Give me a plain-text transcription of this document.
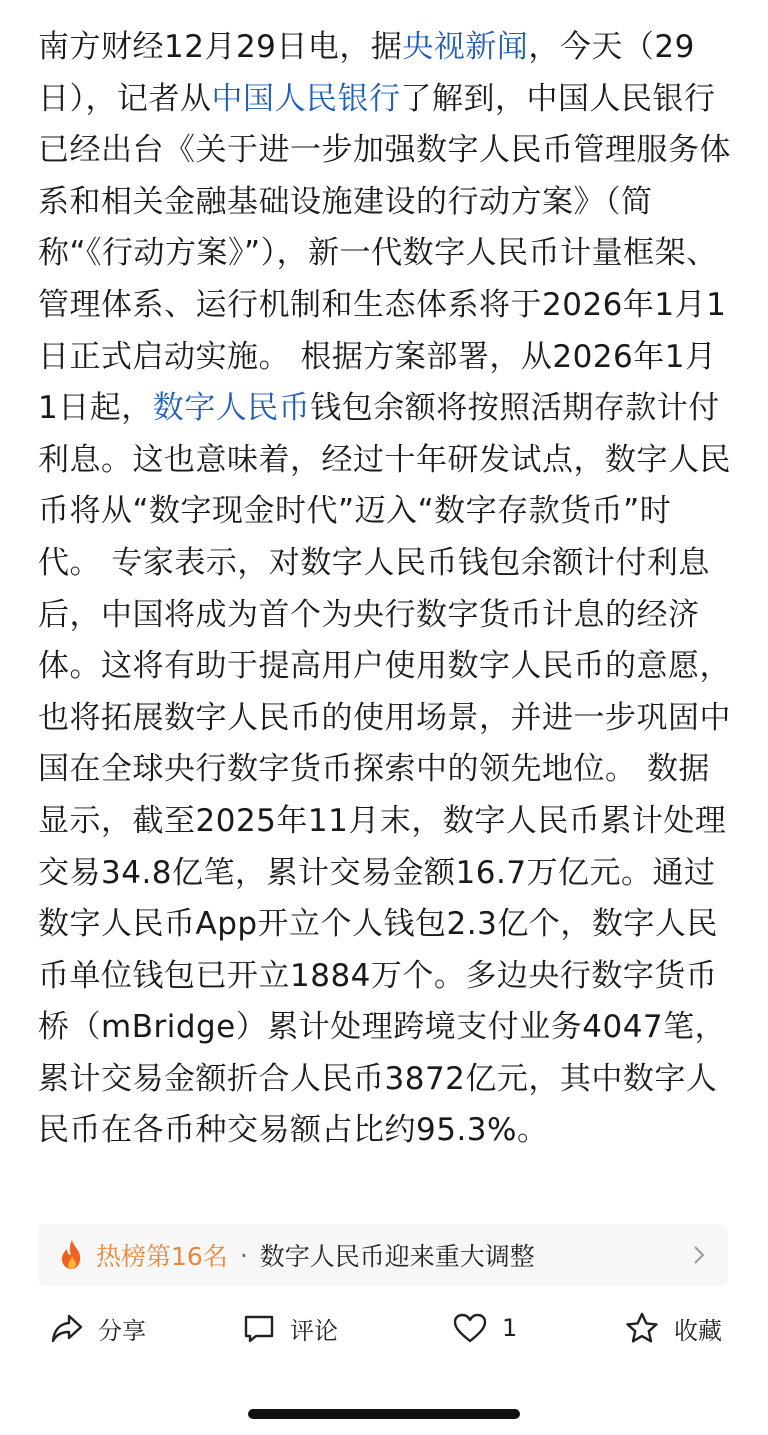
南方财经12月29日电，据央视新闻，今天（29日），记者从中国人民银行了解到，中国人民银行已经出台《关于进一步加强数字人民币管理服务体系和相关金融基础设施建设的行动方案》（简称“《行动方案》”），新一代数字人民币计量框架、管理体系、运行机制和生态体系将于2026年1月1日正式启动实施。 根据方案部署，从2026年1月1日起，数字人民币钱包余额将按照活期存款计付利息。这也意味着，经过十年研发试点，数字人民币将从“数字现金时代”迈入“数字存款货币”时代。 专家表示，对数字人民币钱包余额计付利息后，中国将成为首个为央行数字货币计息的经济体。这将有助于提高用户使用数字人民币的意愿，也将拓展数字人民币的使用场景，并进一步巩固中国在全球央行数字货币探索中的领先地位。 数据显示，截至2025年11月末，数字人民币累计处理交易34.8亿笔，累计交易金额16.7万亿元。通过数字人民币App开立个人钱包2.3亿个，数字人民币单位钱包已开立1884万个。多边央行数字货币桥（mBridge）累计处理跨境支付业务4047笔，累计交易金额折合人民币3872亿元，其中数字人民币在各币种交易额占比约95.3%。

热榜第16名 · 数字人民币迎来重大调整
分享	评论	1	收藏
